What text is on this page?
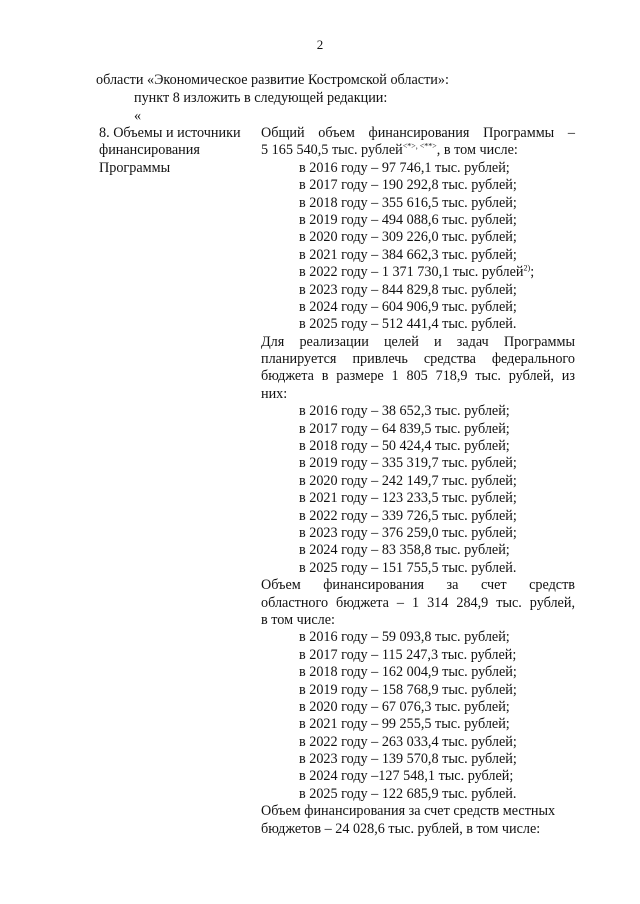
2
области «Экономическое развитие Костромской области»:
пункт 8 изложить в следующей редакции:
«
8. Объемы и источники
финансирования
Программы
Общий объем финансирования Программы –
5 165 540,5 тыс. рублей<*>, <**>, в том числе:
в 2016 году – 97 746,1 тыс. рублей;
в 2017 году – 190 292,8 тыс. рублей;
в 2018 году – 355 616,5 тыс. рублей;
в 2019 году – 494 088,6 тыс. рублей;
в 2020 году – 309 226,0 тыс. рублей;
в 2021 году – 384 662,3 тыс. рублей;
в 2022 году – 1 371 730,1 тыс. рублей$^{2)}$;
в 2023 году – 844 829,8 тыс. рублей;
в 2024 году – 604 906,9 тыс. рублей;
в 2025 году – 512 441,4 тыс. рублей.
Для реализации целей и задач Программы
планируется привлечь средства федерального
бюджета в размере 1 805 718,9 тыс. рублей, из
них:
в 2016 году – 38 652,3 тыс. рублей;
в 2017 году – 64 839,5 тыс. рублей;
в 2018 году – 50 424,4 тыс. рублей;
в 2019 году – 335 319,7 тыс. рублей;
в 2020 году – 242 149,7 тыс. рублей;
в 2021 году – 123 233,5 тыс. рублей;
в 2022 году – 339 726,5 тыс. рублей;
в 2023 году – 376 259,0 тыс. рублей;
в 2024 году – 83 358,8 тыс. рублей;
в 2025 году – 151 755,5 тыс. рублей.
Объем финансирования за счет средств
областного бюджета – 1 314 284,9 тыс. рублей,
в том числе:
в 2016 году – 59 093,8 тыс. рублей;
в 2017 году – 115 247,3 тыс. рублей;
в 2018 году – 162 004,9 тыс. рублей;
в 2019 году – 158 768,9 тыс. рублей;
в 2020 году – 67 076,3 тыс. рублей;
в 2021 году – 99 255,5 тыс. рублей;
в 2022 году – 263 033,4 тыс. рублей;
в 2023 году – 139 570,8 тыс. рублей;
в 2024 году –127 548,1 тыс. рублей;
в 2025 году – 122 685,9 тыс. рублей.
Объем финансирования за счет средств местных
бюджетов – 24 028,6 тыс. рублей, в том числе:
